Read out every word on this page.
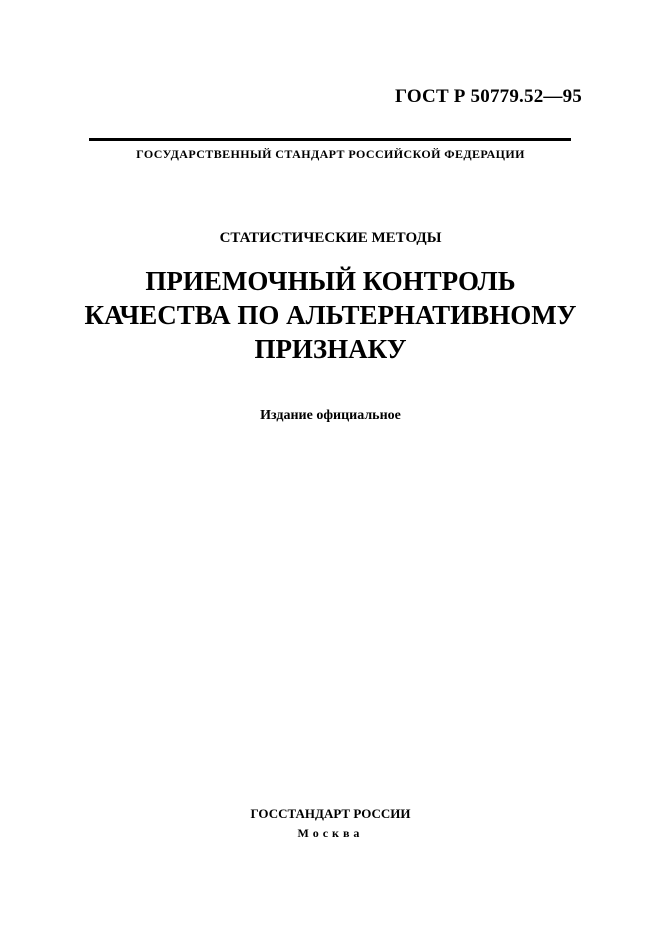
ГОСТ Р 50779.52—95
ГОСУДАРСТВЕННЫЙ СТАНДАРТ РОССИЙСКОЙ ФЕДЕРАЦИИ
СТАТИСТИЧЕСКИЕ МЕТОДЫ
ПРИЕМОЧНЫЙ КОНТРОЛЬ
КАЧЕСТВА ПО АЛЬТЕРНАТИВНОМУ
ПРИЗНАКУ
Издание официальное
ГОССТАНДАРТ РОССИИ
Москва
